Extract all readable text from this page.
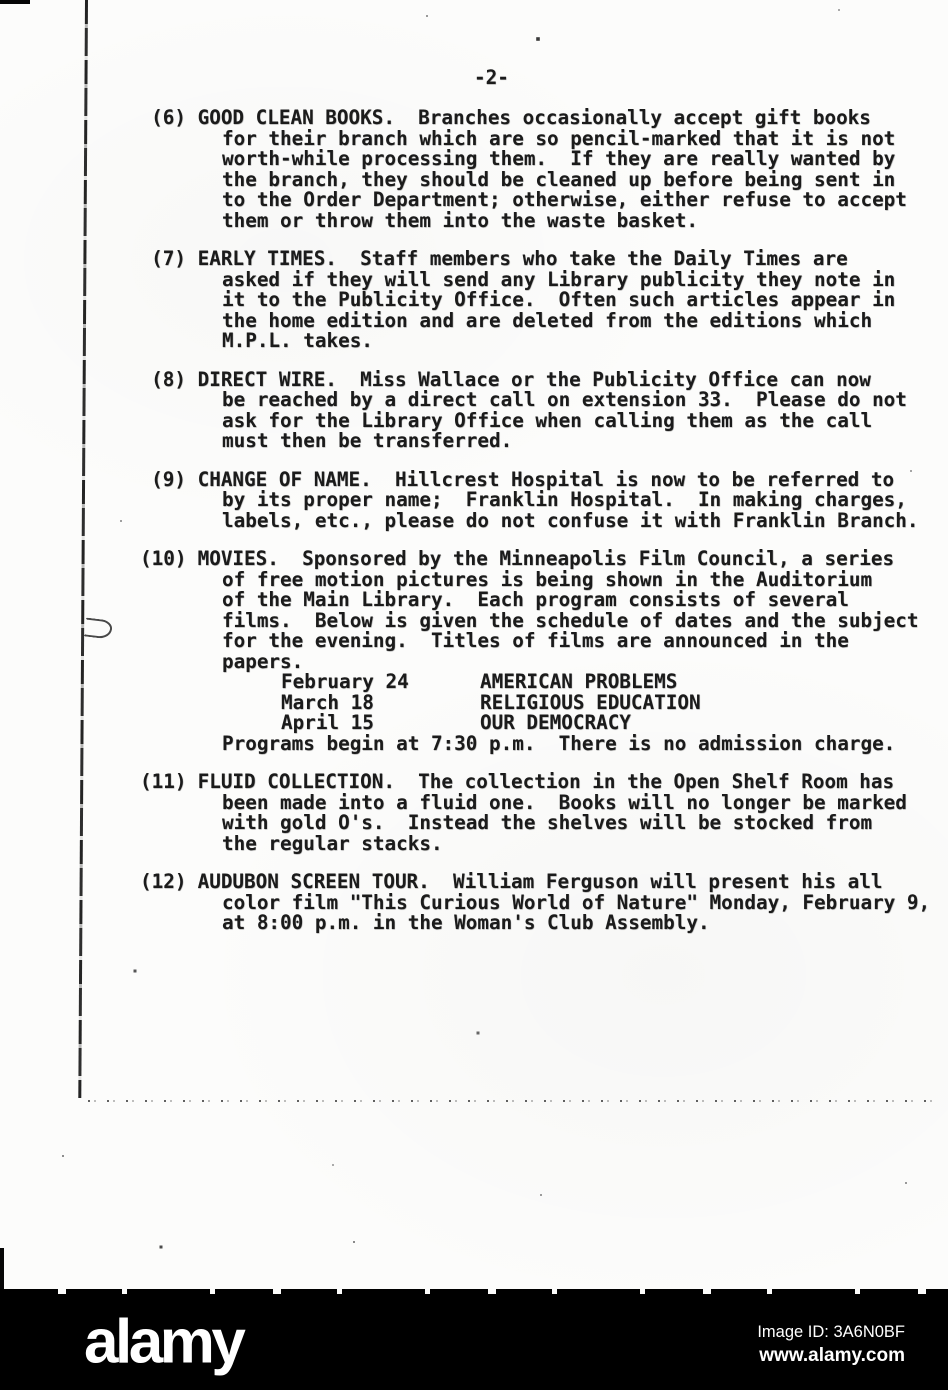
-2-
(6) GOOD CLEAN BOOKS.  Branches occasionally accept gift books
for their branch which are so pencil-marked that it is not
worth-while processing them.  If they are really wanted by
the branch, they should be cleaned up before being sent in
to the Order Department; otherwise, either refuse to accept
them or throw them into the waste basket.
(7) EARLY TIMES.  Staff members who take the Daily Times are
asked if they will send any Library publicity they note in
it to the Publicity Office.  Often such articles appear in
the home edition and are deleted from the editions which
M.P.L. takes.
(8) DIRECT WIRE.  Miss Wallace or the Publicity Office can now
be reached by a direct call on extension 33.  Please do not
ask for the Library Office when calling them as the call
must then be transferred.
(9) CHANGE OF NAME.  Hillcrest Hospital is now to be referred to
by its proper name;  Franklin Hospital.  In making charges,
labels, etc., please do not confuse it with Franklin Branch.
(10) MOVIES.  Sponsored by the Minneapolis Film Council, a series
of free motion pictures is being shown in the Auditorium
of the Main Library.  Each program consists of several
films.  Below is given the schedule of dates and the subject
for the evening.  Titles of films are announced in the
papers.
February 24	AMERICAN PROBLEMS
March 18	RELIGIOUS EDUCATION
April 15	OUR DEMOCRACY
Programs begin at 7:30 p.m.  There is no admission charge.
(11) FLUID COLLECTION.  The collection in the Open Shelf Room has
been made into a fluid one.  Books will no longer be marked
with gold O's.  Instead the shelves will be stocked from
the regular stacks.
(12) AUDUBON SCREEN TOUR.  William Ferguson will present his all
color film "This Curious World of Nature" Monday, February 9,
at 8:00 p.m. in the Woman's Club Assembly.
alamy	Image ID: 3A6N0BF
www.alamy.com
